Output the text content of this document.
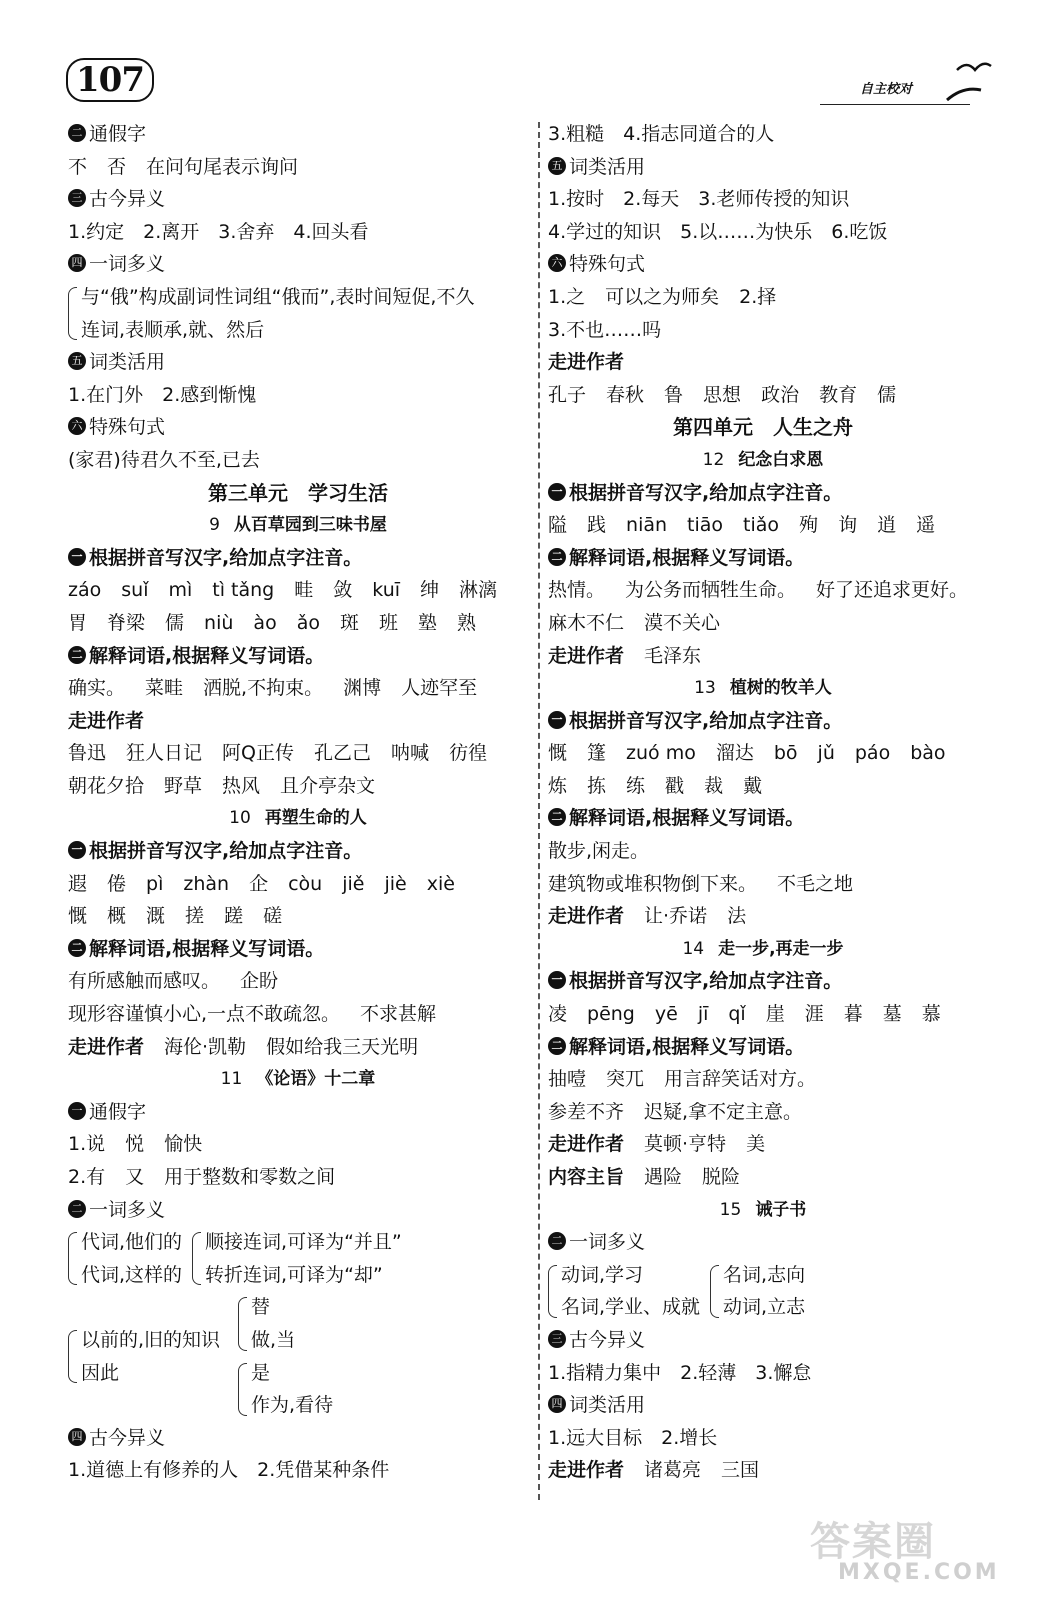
107	自主校对
二 通假字
不 否 在问句尾表示询问
三 古今异义
1.约定　2.离开　3.舍弃　4.回头看
四 一词多义
与“俄”构成副词性词组“俄而”,表时间短促,不久
连词,表顺承,就、然后
五 词类活用
1.在门外　2.感到惭愧
六 特殊句式
(家君)待君久不至,已去
第三单元　学习生活
9 从百草园到三味书屋
一 根据拼音写汉字,给加点字注音。
záo suǐ mì tì tǎng 畦 敛 kuī 绅 淋漓
胃 脊梁 儒 niù ào ǎo 斑 班 塾 熟
二 解释词语,根据释义写词语。
确实。 菜畦 洒脱,不拘束。 渊博 人迹罕至
走进作者
鲁迅 狂人日记 阿Q正传 孔乙己 呐喊 彷徨
朝花夕拾 野草 热风 且介亭杂文
10 再塑生命的人
一 根据拼音写汉字,给加点字注音。
遐 倦 pì zhàn 企 còu jiě jiè xiè
慨 概 溉 搓 蹉 磋
二 解释词语,根据释义写词语。
有所感触而感叹。 企盼
现形容谨慎小心,一点不敢疏忽。 不求甚解
走进作者 海伦·凯勒 假如给我三天光明
11 《论语》十二章
一 通假字
1.说 悦 愉快
2.有 又 用于整数和零数之间
二 一词多义
代词,他们的
代词,这样的
顺接连词,可译为“并且”
转折连词,可译为“却”
以前的,旧的知识
因此
替
做,当
是
作为,看待
四 古今异义
1.道德上有修养的人　2.凭借某种条件
3.粗糙　4.指志同道合的人
五 词类活用
1.按时　2.每天　3.老师传授的知识
4.学过的知识　5.以……为快乐　6.吃饭
六 特殊句式
1.之 可以之为师矣 2.择
3.不也……吗
走进作者
孔子 春秋 鲁 思想 政治 教育 儒
第四单元　人生之舟
12 纪念白求恩
一 根据拼音写汉字,给加点字注音。
隘 践 niān tiāo tiǎo 殉 询 逍 遥
二 解释词语,根据释义写词语。
热情。 为公务而牺牲生命。 好了还追求更好。
麻木不仁 漠不关心
走进作者 毛泽东
13 植树的牧羊人
一 根据拼音写汉字,给加点字注音。
慨 篷 zuó mo 溜达 bō jǔ páo bào
炼 拣 练 戳 裁 戴
二 解释词语,根据释义写词语。
散步,闲走。
建筑物或堆积物倒下来。 不毛之地
走进作者 让·乔诺 法
14 走一步,再走一步
一 根据拼音写汉字,给加点字注音。
凌 pēng yē jī qǐ 崖 涯 暮 墓 慕
二 解释词语,根据释义写词语。
抽噎 突兀 用言辞笑话对方。
参差不齐 迟疑,拿不定主意。
走进作者 莫顿·亨特 美
内容主旨 遇险 脱险
15 诫子书
二 一词多义
动词,学习
名词,学业、成就
名词,志向
动词,立志
三 古今异义
1.指精力集中　2.轻薄　3.懈怠
四 词类活用
1.远大目标　2.增长
走进作者 诸葛亮 三国
答案圈
MXQE.COM
